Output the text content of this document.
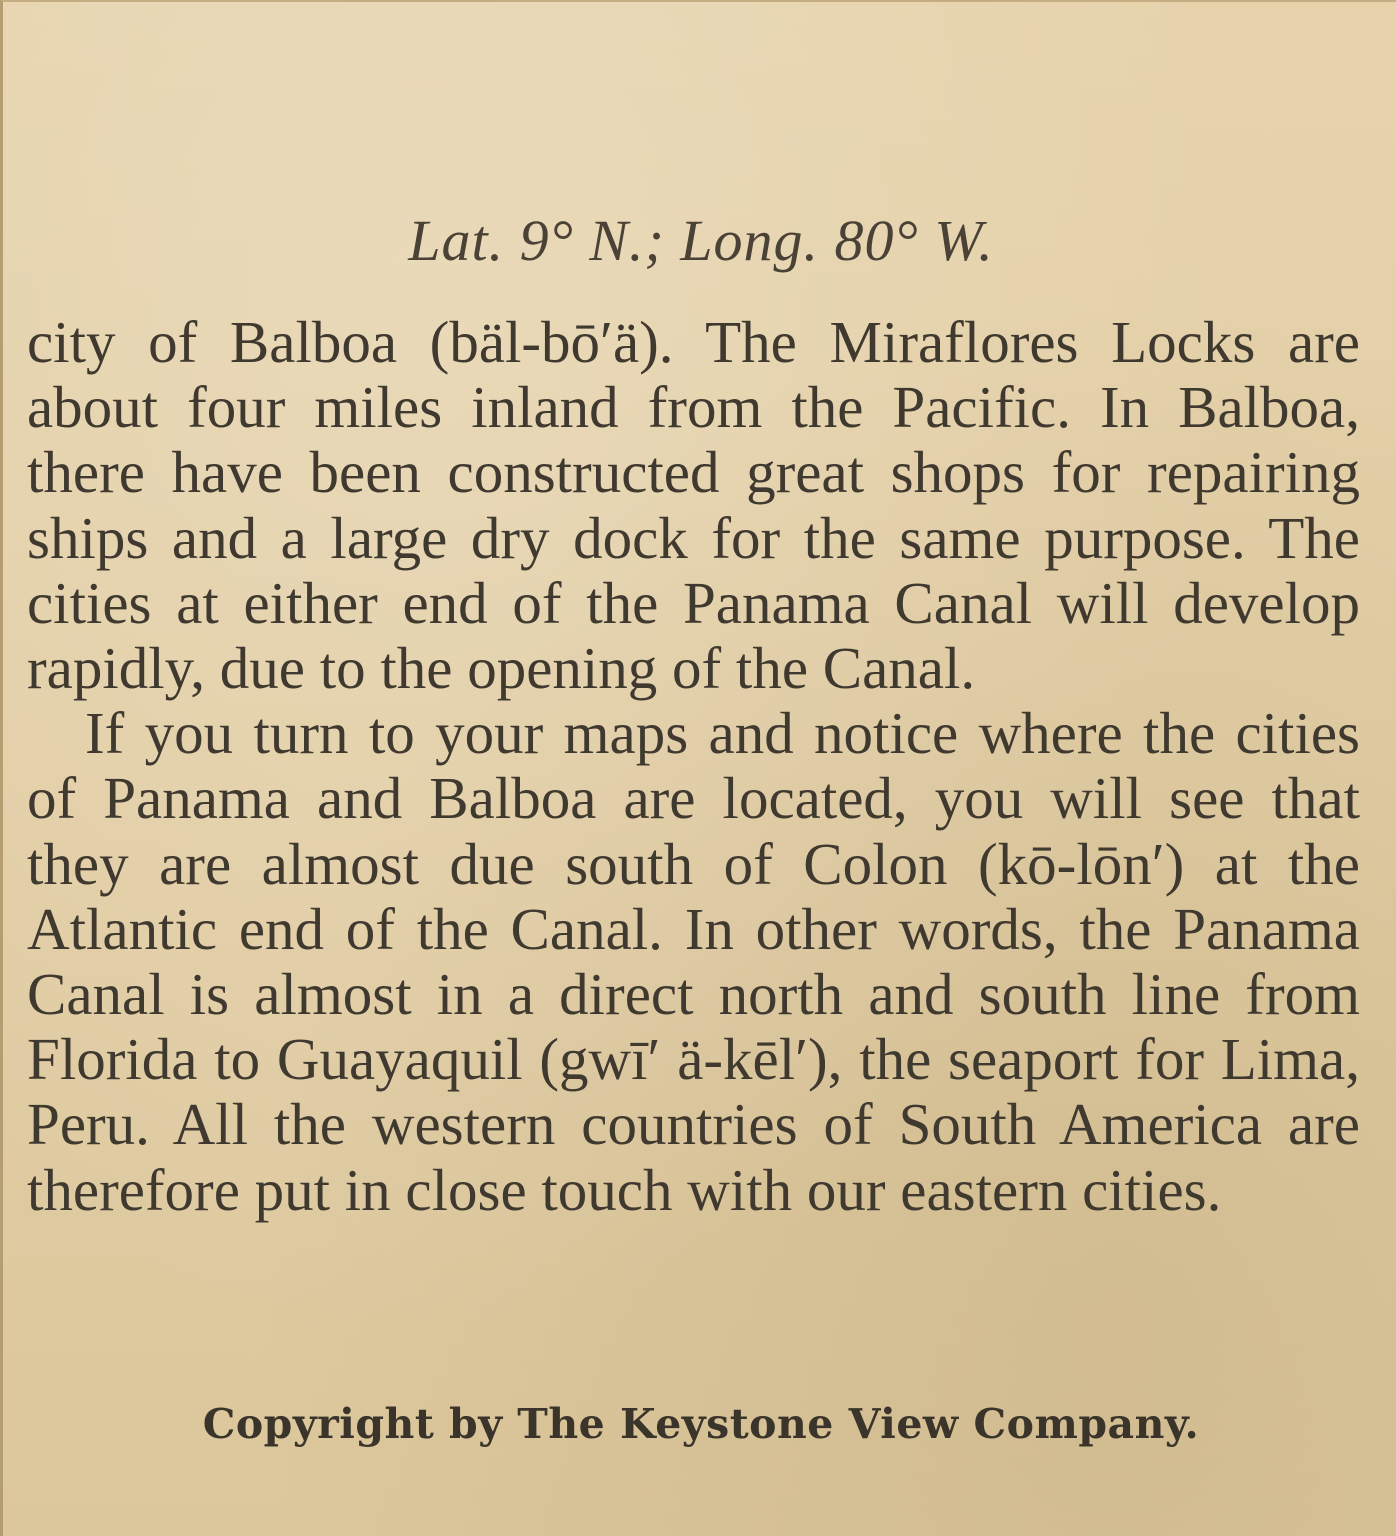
Lat. 9° N.; Long. 80° W.

city of Balboa (bäl-bō′ä). The Miraflores Locks are about four miles inland from the Pacific. In Balboa, there have been constructed great shops for repairing ships and a large dry dock for the same purpose. The cities at either end of the Panama Canal will develop rapidly, due to the opening of the Canal.

If you turn to your maps and notice where the cities of Panama and Balboa are located, you will see that they are almost due south of Colon (kō-lōn′) at the Atlantic end of the Canal. In other words, the Panama Canal is almost in a direct north and south line from Florida to Guayaquil (gwī′ ä-kēl′), the seaport for Lima, Peru. All the western countries of South America are therefore put in close touch with our eastern cities.

Copyright by The Keystone View Company.
